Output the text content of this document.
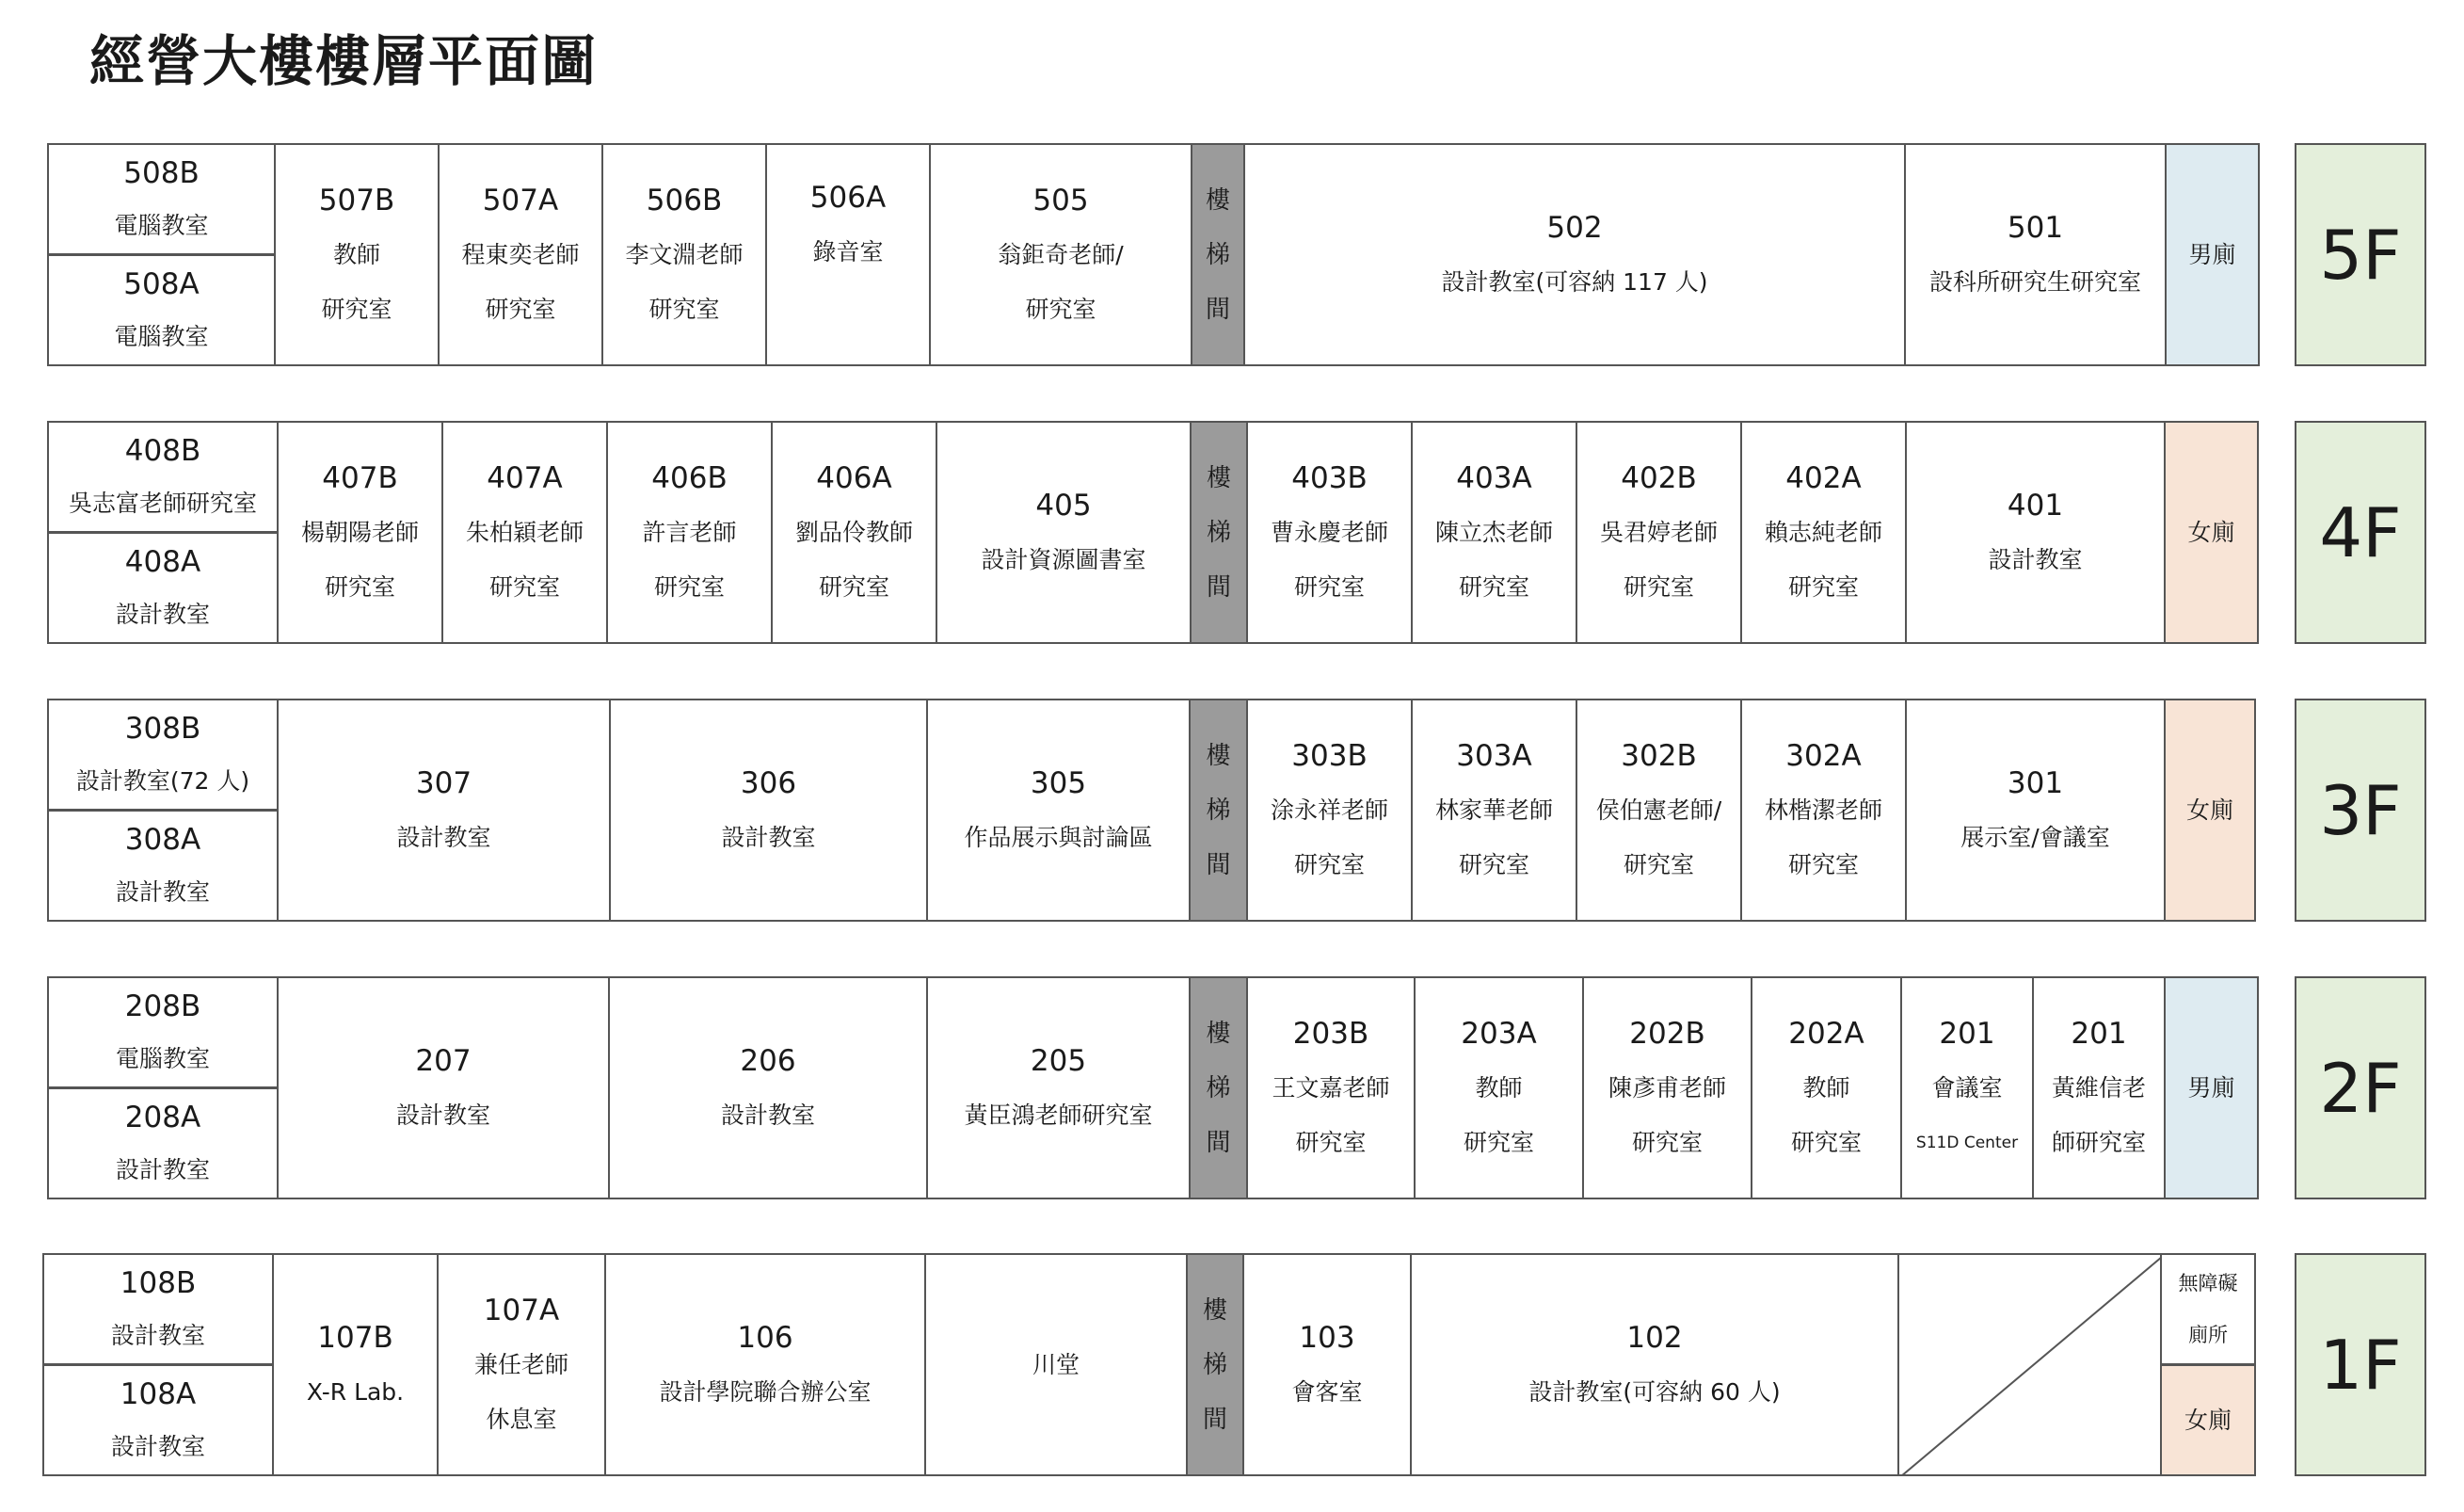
經營大樓樓層平面圖
508B
電腦教室
508A
電腦教室
507B
教師
研究室
507A
程東奕老師
研究室
506B
李文淵老師
研究室
506A
錄音室
505
翁鉅奇老師/
研究室
樓
梯
間
502
設計教室(可容納 117 人)
501
設科所研究生研究室
男廁	5F
408B
吳志富老師研究室
408A
設計教室
407B
楊朝陽老師
研究室
407A
朱柏穎老師
研究室
406B
許言老師
研究室
406A
劉品伶教師
研究室
405
設計資源圖書室
樓
梯
間
403B
曹永慶老師
研究室
403A
陳立杰老師
研究室
402B
吳君婷老師
研究室
402A
賴志純老師
研究室
401
設計教室
女廁	4F
308B
設計教室(72 人)
308A
設計教室
307
設計教室
306
設計教室
305
作品展示與討論區
樓
梯
間
303B
涂永祥老師
研究室
303A
林家華老師
研究室
302B
侯伯憲老師/
研究室
302A
林楷潔老師
研究室
301
展示室/會議室
女廁	3F
208B
電腦教室
208A
設計教室
207
設計教室
206
設計教室
205
黃臣鴻老師研究室
樓
梯
間
203B
王文嘉老師
研究室
203A
教師
研究室
202B
陳彥甫老師
研究室
202A
教師
研究室
201
會議室
S11D Center
201
黃維信老
師研究室
男廁	2F
108B
設計教室
108A
設計教室
107B
X-R Lab.
107A
兼任老師
休息室
106
設計學院聯合辦公室
川堂
樓
梯
間
103
會客室
102
設計教室(可容納 60 人)
無障礙
廁所
女廁
1F
